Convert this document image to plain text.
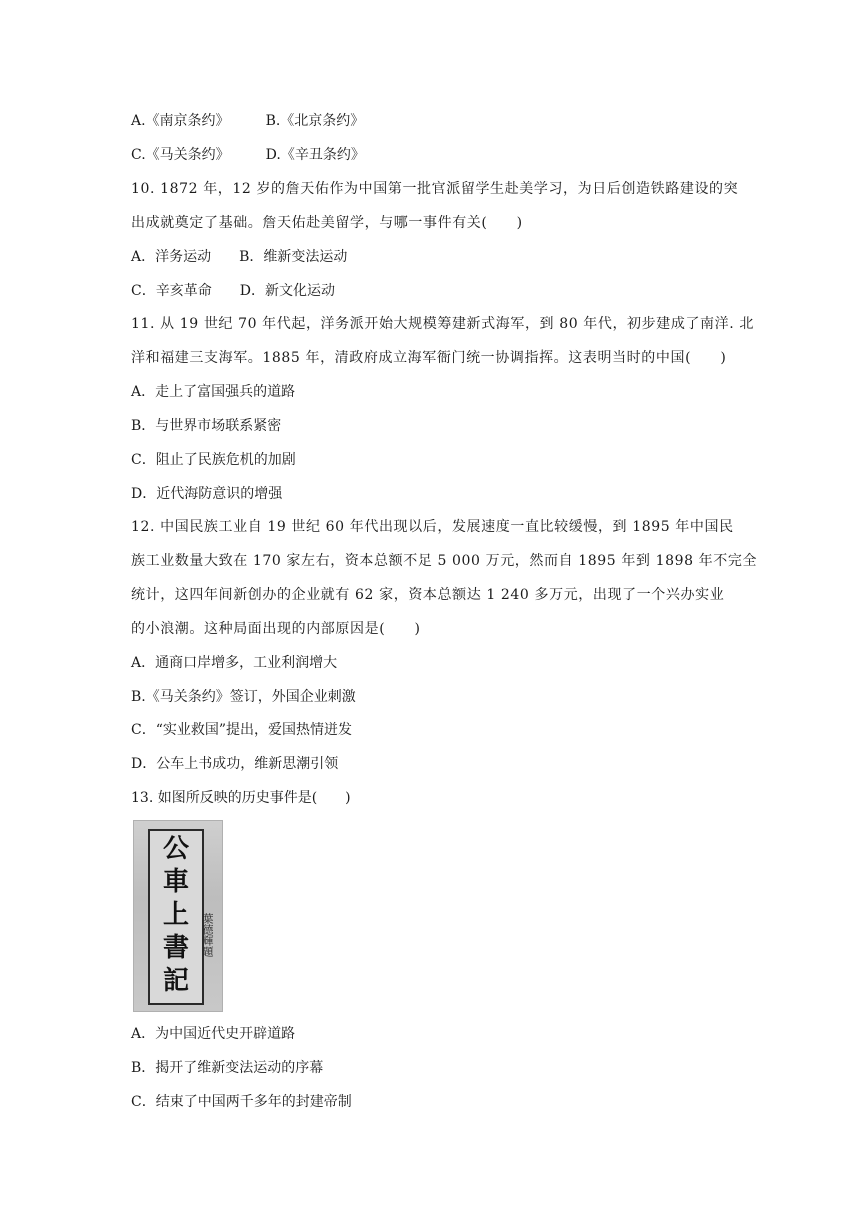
A.《南京条约》	B.《北京条约》
C.《马关条约》	D.《辛丑条约》
10. 1872 年，12 岁的詹天佑作为中国第一批官派留学生赴美学习，为日后创造铁路建设的突
出成就奠定了基础。詹天佑赴美留学，与哪一事件有关(　　)
A．洋务运动 B．维新变法运动
C．辛亥革命 D．新文化运动
11. 从 19 世纪 70 年代起，洋务派开始大规模筹建新式海军，到 80 年代，初步建成了南洋. 北
洋和福建三支海军。1885 年，清政府成立海军衙门统一协调指挥。这表明当时的中国(　　)
A．走上了富国强兵的道路
B．与世界市场联系紧密
C．阻止了民族危机的加剧
D．近代海防意识的增强
12. 中国民族工业自 19 世纪 60 年代出现以后，发展速度一直比较缓慢，到 1895 年中国民
族工业数量大致在 170 家左右，资本总额不足 5 000 万元，然而自 1895 年到 1898 年不完全
统计，这四年间新创办的企业就有 62 家，资本总额达 1 240 多万元，出现了一个兴办实业
的小浪潮。这种局面出现的内部原因是(　　)
A．通商口岸增多，工业利润增大
B.《马关条约》签订，外国企业刺激
C．“实业救国”提出，爱国热情迸发
D．公车上书成功，维新思潮引领
13. 如图所反映的历史事件是(　　)
公車上書記
葉德輝題
A．为中国近代史开辟道路
B．揭开了维新变法运动的序幕
C．结束了中国两千多年的封建帝制
